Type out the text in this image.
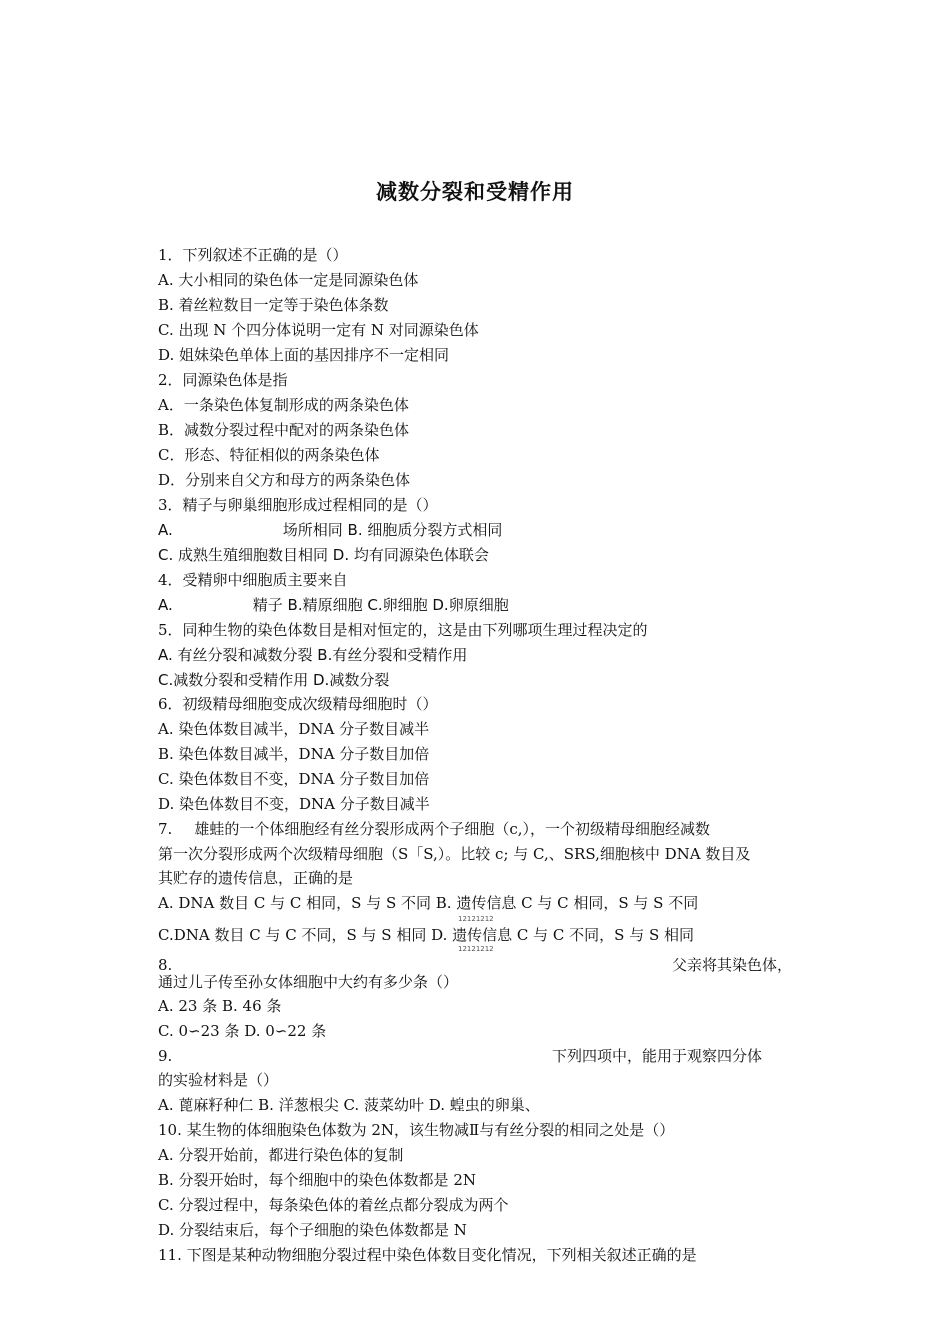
减数分裂和受精作用
1．下列叙述不正确的是（）
A. 大小相同的染色体一定是同源染色体
B. 着丝粒数目一定等于染色体条数
C. 出现 N 个四分体说明一定有 N 对同源染色体
D. 姐妹染色单体上面的基因排序不一定相同
2．同源染色体是指
A．一条染色体复制形成的两条染色体
B．减数分裂过程中配对的两条染色体
C．形态、特征相似的两条染色体
D．分别来自父方和母方的两条染色体
3．精子与卵巢细胞形成过程相同的是（）
A.	场所相同 B. 细胞质分裂方式相同
C. 成熟生殖细胞数目相同 D. 均有同源染色体联会
4．受精卵中细胞质主要来自
A.	精子 B.精原细胞 C.卵细胞 D.卵原细胞
5．同种生物的染色体数目是相对恒定的，这是由下列哪项生理过程决定的
A. 有丝分裂和减数分裂 B.有丝分裂和受精作用
C.减数分裂和受精作用 D.减数分裂
6．初级精母细胞变成次级精母细胞时（）
A. 染色体数目减半，DNA 分子数目减半
B. 染色体数目减半，DNA 分子数目加倍
C. 染色体数目不变，DNA 分子数目加倍
D. 染色体数目不变，DNA 分子数目减半
7. 雄蛙的一个体细胞经有丝分裂形成两个子细胞（c,），一个初级精母细胞经减数
第一次分裂形成两个次级精母细胞（S「S,）。比较 c; 与 C,、SRS,细胞核中 DNA 数目及
其贮存的遗传信息，正确的是
A. DNA 数目 C 与 C 相同，S 与 S 不同 B. 遗传信息 C 与 C 相同，S 与 S 不同
12121212
C.DNA 数目 C 与 C 不同，S 与 S 相同 D. 遗传信息 C 与 C 不同，S 与 S 相同
12121212
8.	父亲将其染色体，
通过儿子传至孙女体细胞中大约有多少条（）
A. 23 条 B. 46 条
C. 0∽23 条 D. 0∽22 条
9.	下列四项中，能用于观察四分体
的实验材料是（）
A. 蓖麻籽种仁 B. 洋葱根尖 C. 菠菜幼叶 D. 蝗虫的卵巢、
10. 某生物的体细胞染色体数为 2N，该生物减Ⅱ与有丝分裂的相同之处是（）
A. 分裂开始前，都进行染色体的复制
B. 分裂开始时，每个细胞中的染色体数都是 2N
C. 分裂过程中，每条染色体的着丝点都分裂成为两个
D. 分裂结束后，每个子细胞的染色体数都是 N
11. 下图是某种动物细胞分裂过程中染色体数目变化情况，下列相关叙述正确的是
